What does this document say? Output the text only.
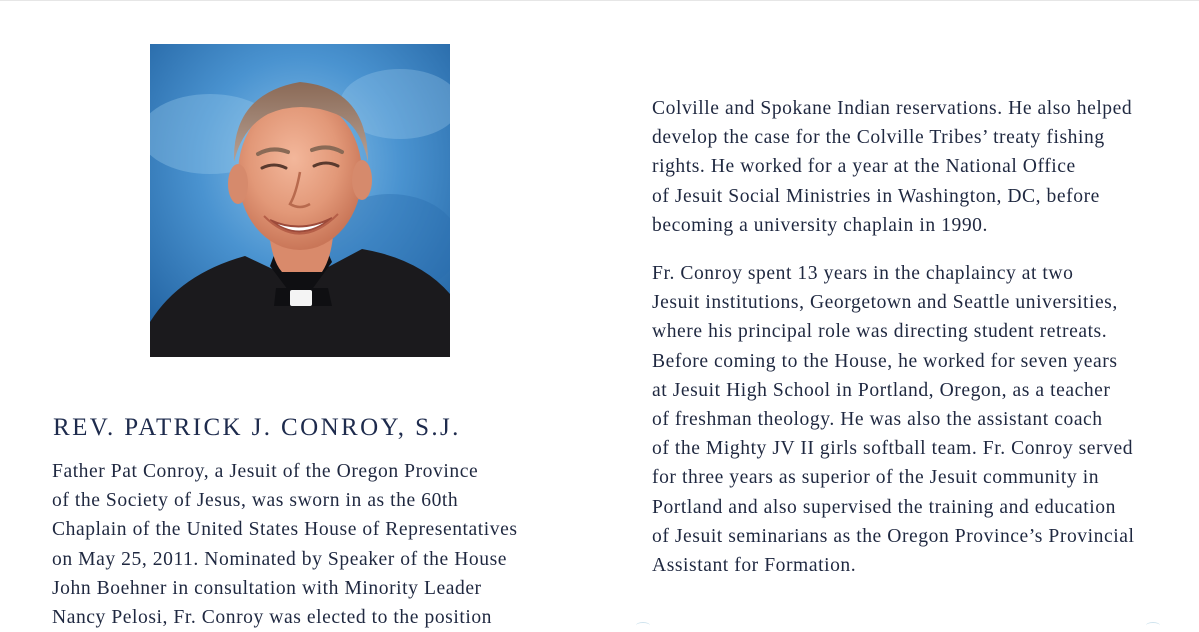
REV. PATRICK J. CONROY, S.J.
Father Pat Conroy, a Jesuit of the Oregon Province
of the Society of Jesus, was sworn in as the 60th
Chaplain of the United States House of Representatives
on May 25, 2011. Nominated by Speaker of the House
John Boehner in consultation with Minority Leader
Nancy Pelosi, Fr. Conroy was elected to the position

Colville and Spokane Indian reservations. He also helped
develop the case for the Colville Tribes’ treaty fishing
rights. He worked for a year at the National Office
of Jesuit Social Ministries in Washington, DC, before
becoming a university chaplain in 1990.

Fr. Conroy spent 13 years in the chaplaincy at two
Jesuit institutions, Georgetown and Seattle universities,
where his principal role was directing student retreats.
Before coming to the House, he worked for seven years
at Jesuit High School in Portland, Oregon, as a teacher
of freshman theology. He was also the assistant coach
of the Mighty JV II girls softball team. Fr. Conroy served
for three years as superior of the Jesuit community in
Portland and also supervised the training and education
of Jesuit seminarians as the Oregon Province’s Provincial
Assistant for Formation.
